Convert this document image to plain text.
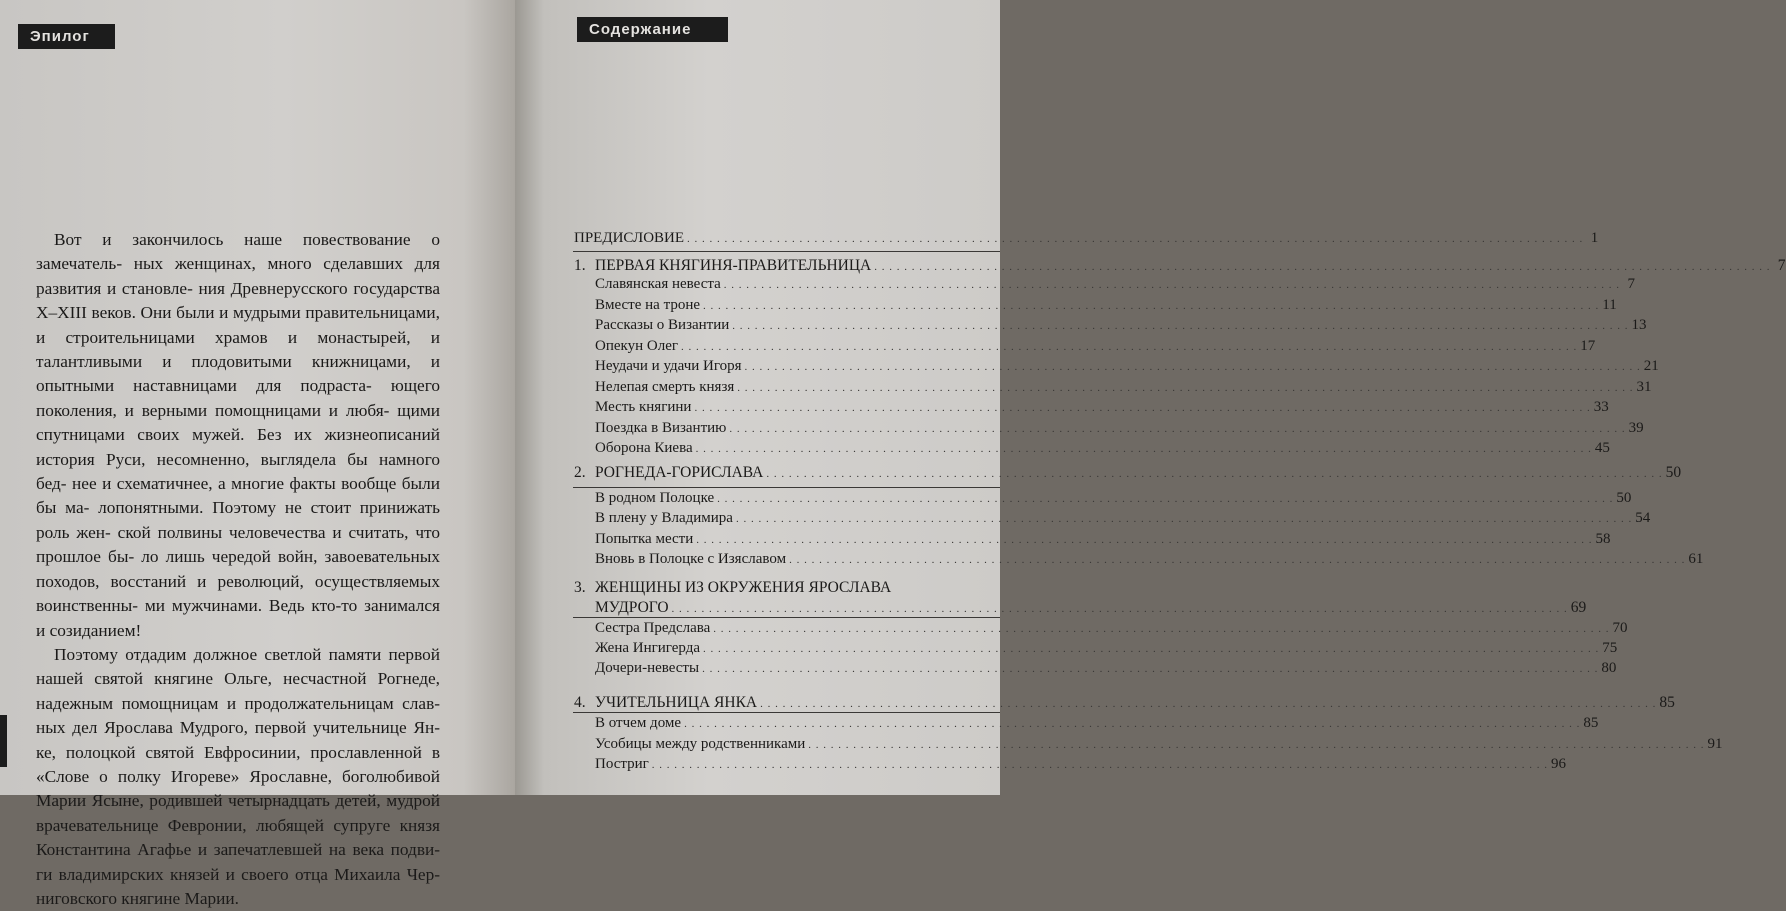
Эпилог

Вот и закончилось наше повествование о замечатель- ных женщинах, много сделавших для развития и становле- ния Древнерусского государства X–XIII веков. Они были и мудрыми правительницами, и строительницами храмов и монастырей, и талантливыми и плодовитыми книжницами, и опытными наставницами для подраста- ющего поколения, и верными помощницами и любя- щими спутницами своих мужей. Без их жизнеописаний история Руси, несомненно, выглядела бы намного бед- нее и схематичнее, а многие факты вообще были бы ма- лопонятными. Поэтому не стоит принижать роль жен- ской полвины человечества и считать, что прошлое бы- ло лишь чередой войн, завоевательных походов, восстаний и революций, осуществляемых воинственны- ми мужчинами. Ведь кто-то занимался и созиданием!

Поэтому отдадим должное светлой памяти первой нашей святой княгине Ольге, несчастной Рогнеде, надежным помощницам и продолжательницам слав- ных дел Ярослава Мудрого, первой учительнице Ян- ке, полоцкой святой Евфросинии, прославленной в «Слове о полку Игореве» Ярославне, боголюбивой Марии Ясыне, родившей четырнадцать детей, мудрой врачевательнице Февронии, любящей супруге князя Константина Агафье и запечатлевшей на века подви- ги владимирских князей и своего отца Михаила Чер- ниговского княгине Марии.

Содержание
ПРЕДИСЛОВИЕ . . . . . . . . . . . . . . . . . . . . . . . . . . . . . . . . . . . . . . . . . . . . . . . . . . . . . . . . . . . . . . . . . . . . . . . . . . . . . . . . . . . . . . . . . . . . . . . . . . . . . . . . . . . . . . . . . . . . . . . . 1
1. ПЕРВАЯ КНЯГИНЯ-ПРАВИТЕЛЬНИЦА . . . . . . . . . . . . . . . . . . . . . . . . . . . . . . . . . . . . . . . . . . . . . . . . . . . . . . . . . . . . . . . . . . . . . . . . . . . . . . . . . . . . . . . . . . . . . . . . . . . . . . . . . . . . . . . . . . . . . . . . 7
Славянская невеста . . . . . . . . . . . . . . . . . . . . . . . . . . . . . . . . . . . . . . . . . . . . . . . . . . . . . . . . . . . . . . . . . . . . . . . . . . . . . . . . . . . . . . . . . . . . . . . . . . . . . . . . . . . . . . . . . . . . . . . . 7
Вместе на троне . . . . . . . . . . . . . . . . . . . . . . . . . . . . . . . . . . . . . . . . . . . . . . . . . . . . . . . . . . . . . . . . . . . . . . . . . . . . . . . . . . . . . . . . . . . . . . . . . . . . . . . . . . . . . . . . . . . . . . . . 11
Рассказы о Византии . . . . . . . . . . . . . . . . . . . . . . . . . . . . . . . . . . . . . . . . . . . . . . . . . . . . . . . . . . . . . . . . . . . . . . . . . . . . . . . . . . . . . . . . . . . . . . . . . . . . . . . . . . . . . . . . . . . . . . . . 13
Опекун Олег . . . . . . . . . . . . . . . . . . . . . . . . . . . . . . . . . . . . . . . . . . . . . . . . . . . . . . . . . . . . . . . . . . . . . . . . . . . . . . . . . . . . . . . . . . . . . . . . . . . . . . . . . . . . . . . . . . . . . . . . 17
Неудачи и удачи Игоря . . . . . . . . . . . . . . . . . . . . . . . . . . . . . . . . . . . . . . . . . . . . . . . . . . . . . . . . . . . . . . . . . . . . . . . . . . . . . . . . . . . . . . . . . . . . . . . . . . . . . . . . . . . . . . . . . . . . . . . . 21
Нелепая смерть князя . . . . . . . . . . . . . . . . . . . . . . . . . . . . . . . . . . . . . . . . . . . . . . . . . . . . . . . . . . . . . . . . . . . . . . . . . . . . . . . . . . . . . . . . . . . . . . . . . . . . . . . . . . . . . . . . . . . . . . . . 31
Месть княгини . . . . . . . . . . . . . . . . . . . . . . . . . . . . . . . . . . . . . . . . . . . . . . . . . . . . . . . . . . . . . . . . . . . . . . . . . . . . . . . . . . . . . . . . . . . . . . . . . . . . . . . . . . . . . . . . . . . . . . . . 33
Поездка в Византию . . . . . . . . . . . . . . . . . . . . . . . . . . . . . . . . . . . . . . . . . . . . . . . . . . . . . . . . . . . . . . . . . . . . . . . . . . . . . . . . . . . . . . . . . . . . . . . . . . . . . . . . . . . . . . . . . . . . . . . . 39
Оборона Киева . . . . . . . . . . . . . . . . . . . . . . . . . . . . . . . . . . . . . . . . . . . . . . . . . . . . . . . . . . . . . . . . . . . . . . . . . . . . . . . . . . . . . . . . . . . . . . . . . . . . . . . . . . . . . . . . . . . . . . . . 45
2. РОГНЕДА-ГОРИСЛАВА . . . . . . . . . . . . . . . . . . . . . . . . . . . . . . . . . . . . . . . . . . . . . . . . . . . . . . . . . . . . . . . . . . . . . . . . . . . . . . . . . . . . . . . . . . . . . . . . . . . . . . . . . . . . . . . . . . . . . . . . 50
В родном Полоцке . . . . . . . . . . . . . . . . . . . . . . . . . . . . . . . . . . . . . . . . . . . . . . . . . . . . . . . . . . . . . . . . . . . . . . . . . . . . . . . . . . . . . . . . . . . . . . . . . . . . . . . . . . . . . . . . . . . . . . . . 50
В плену у Владимира . . . . . . . . . . . . . . . . . . . . . . . . . . . . . . . . . . . . . . . . . . . . . . . . . . . . . . . . . . . . . . . . . . . . . . . . . . . . . . . . . . . . . . . . . . . . . . . . . . . . . . . . . . . . . . . . . . . . . . . . 54
Попытка мести . . . . . . . . . . . . . . . . . . . . . . . . . . . . . . . . . . . . . . . . . . . . . . . . . . . . . . . . . . . . . . . . . . . . . . . . . . . . . . . . . . . . . . . . . . . . . . . . . . . . . . . . . . . . . . . . . . . . . . . . 58
Вновь в Полоцке с Изяславом . . . . . . . . . . . . . . . . . . . . . . . . . . . . . . . . . . . . . . . . . . . . . . . . . . . . . . . . . . . . . . . . . . . . . . . . . . . . . . . . . . . . . . . . . . . . . . . . . . . . . . . . . . . . . . . . . . . . . . . . 61
3. ЖЕНЩИНЫ ИЗ ОКРУЖЕНИЯ ЯРОСЛАВА
МУДРОГО . . . . . . . . . . . . . . . . . . . . . . . . . . . . . . . . . . . . . . . . . . . . . . . . . . . . . . . . . . . . . . . . . . . . . . . . . . . . . . . . . . . . . . . . . . . . . . . . . . . . . . . . . . . . . . . . . . . . . . . . 69
Сестра Предслава . . . . . . . . . . . . . . . . . . . . . . . . . . . . . . . . . . . . . . . . . . . . . . . . . . . . . . . . . . . . . . . . . . . . . . . . . . . . . . . . . . . . . . . . . . . . . . . . . . . . . . . . . . . . . . . . . . . . . . . . 70
Жена Ингигерда . . . . . . . . . . . . . . . . . . . . . . . . . . . . . . . . . . . . . . . . . . . . . . . . . . . . . . . . . . . . . . . . . . . . . . . . . . . . . . . . . . . . . . . . . . . . . . . . . . . . . . . . . . . . . . . . . . . . . . . . 75
Дочери-невесты . . . . . . . . . . . . . . . . . . . . . . . . . . . . . . . . . . . . . . . . . . . . . . . . . . . . . . . . . . . . . . . . . . . . . . . . . . . . . . . . . . . . . . . . . . . . . . . . . . . . . . . . . . . . . . . . . . . . . . . . 80
4. УЧИТЕЛЬНИЦА ЯНКА . . . . . . . . . . . . . . . . . . . . . . . . . . . . . . . . . . . . . . . . . . . . . . . . . . . . . . . . . . . . . . . . . . . . . . . . . . . . . . . . . . . . . . . . . . . . . . . . . . . . . . . . . . . . . . . . . . . . . . . . 85
В отчем доме . . . . . . . . . . . . . . . . . . . . . . . . . . . . . . . . . . . . . . . . . . . . . . . . . . . . . . . . . . . . . . . . . . . . . . . . . . . . . . . . . . . . . . . . . . . . . . . . . . . . . . . . . . . . . . . . . . . . . . . . 85
Усобицы между родственниками . . . . . . . . . . . . . . . . . . . . . . . . . . . . . . . . . . . . . . . . . . . . . . . . . . . . . . . . . . . . . . . . . . . . . . . . . . . . . . . . . . . . . . . . . . . . . . . . . . . . . . . . . . . . . . . . . . . . . . . . 91
Постриг . . . . . . . . . . . . . . . . . . . . . . . . . . . . . . . . . . . . . . . . . . . . . . . . . . . . . . . . . . . . . . . . . . . . . . . . . . . . . . . . . . . . . . . . . . . . . . . . . . . . . . . . . . . . . . . . . . . . . . . . 96
